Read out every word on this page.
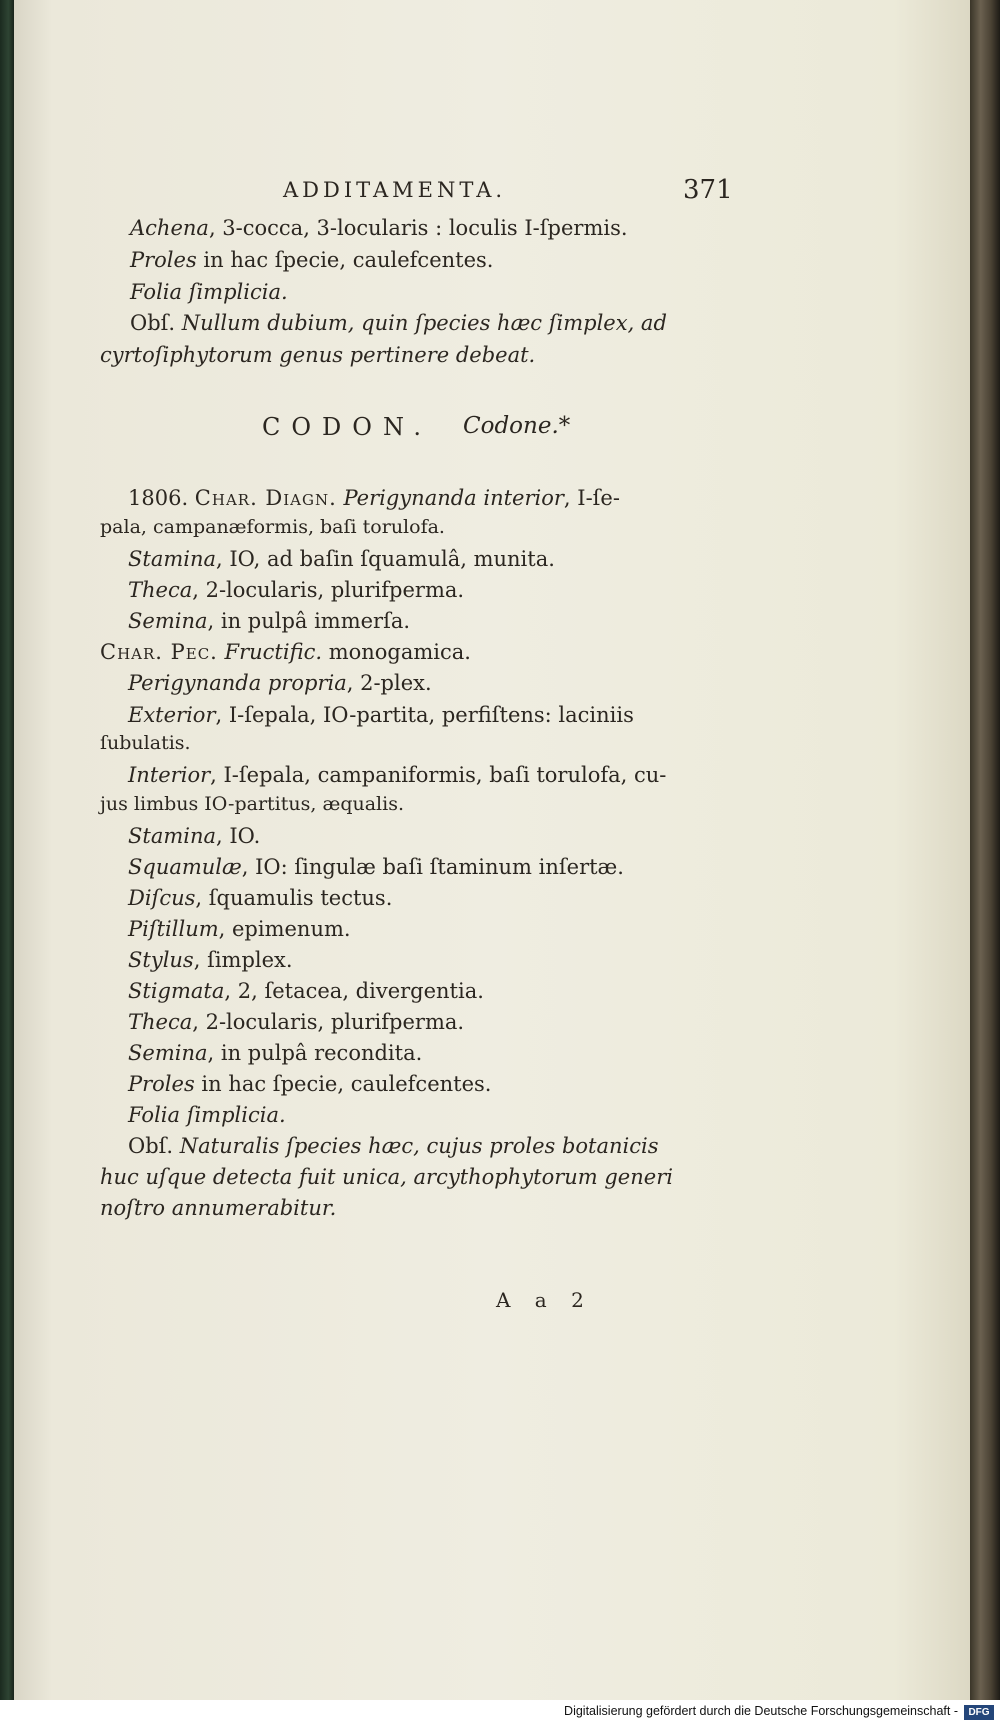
ADDITAMENTA.	371
Achena, 3-cocca, 3-locularis : loculis I-ſpermis.
Proles in hac ſpecie, caulefcentes.
Folia ſimplicia.
Obſ. Nullum dubium, quin ſpecies hæc ſimplex, ad
cyrtoſiphytorum genus pertinere debeat.
CODON. Codone.*
1806. Char. Diagn. Perigynanda interior, I-ſe-
pala, campanæformis, baſi torulofa.
Stamina, IO, ad baſin ſquamulâ, munita.
Theca, 2-locularis, plurifperma.
Semina, in pulpâ immerſa.
Char. Pec. Fructific. monogamica.
Perigynanda propria, 2-plex.
Exterior, I-ſepala, IO-partita, perfiſtens: laciniis
ſubulatis.
Interior, I-ſepala, campaniformis, baſi torulofa, cu-
jus limbus IO-partitus, æqualis.
Stamina, IO.
Squamulæ, IO: ſingulæ baſi ſtaminum inſertæ.
Diſcus, ſquamulis tectus.
Piſtillum, epimenum.
Stylus, ſimplex.
Stigmata, 2, ſetacea, divergentia.
Theca, 2-locularis, plurifperma.
Semina, in pulpâ recondita.
Proles in hac ſpecie, caulefcentes.
Folia ſimplicia.
Obſ. Naturalis ſpecies hæc, cujus proles botanicis
huc uſque detecta fuit unica, arcythophytorum generi
noſtro annumerabitur.
A a 2
Digitalisierung gefördert durch die Deutsche Forschungsgemeinschaft -	DFG
